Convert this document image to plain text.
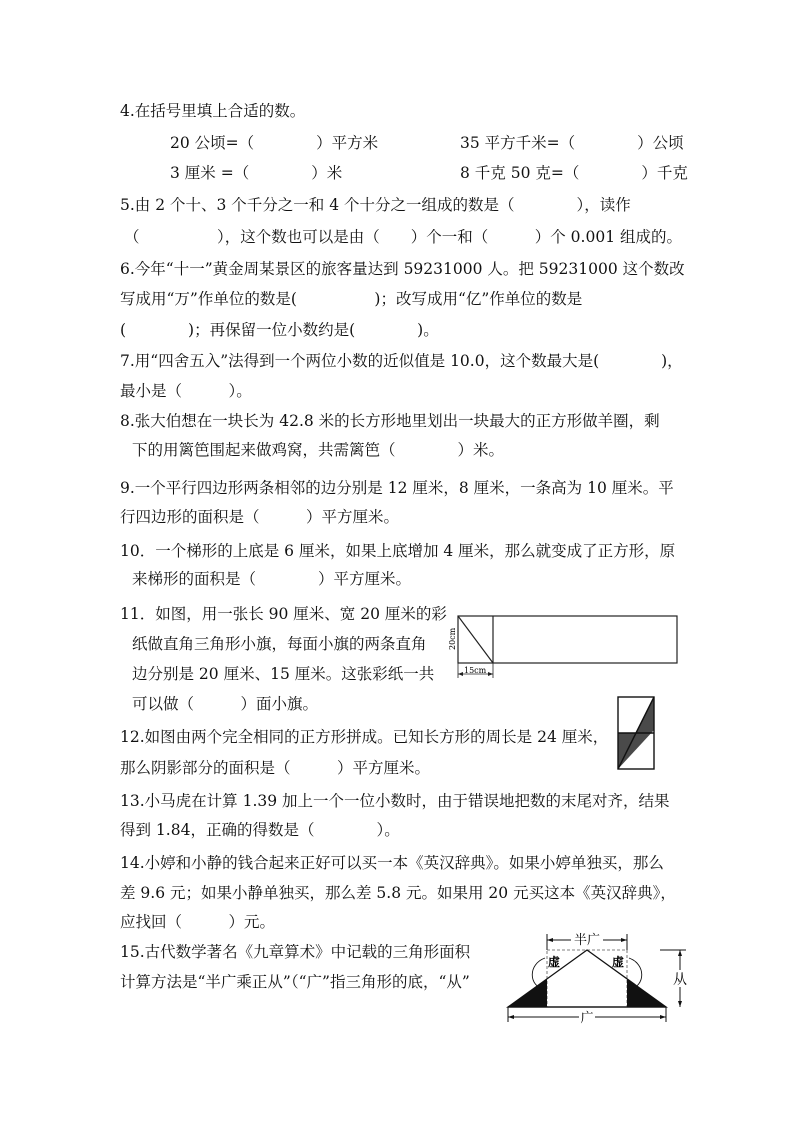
4.在括号里填上合适的数。
20 公顷=（　　　　）平方米	35 平方千米=（　　　　）公顷
3 厘米 =（　　　　）米	8 千克 50 克=（　　　　）千克
5.由 2 个十、3 个千分之一和 4 个十分之一组成的数是（　　　　），读作
（　　　　　），这个数也可以是由（　　）个一和（　　　）个 0.001 组成的。
6.今年“十一”黄金周某景区的旅客量达到 59231000 人。把 59231000 这个数改
写成用“万”作单位的数是(　　　　　)；改写成用“亿”作单位的数是
(　　　　)；再保留一位小数约是(　　　　)。
7.用“四舍五入”法得到一个两位小数的近似值是 10.0，这个数最大是(　　　　)，
最小是（　　　）。
8.张大伯想在一块长为 42.8 米的长方形地里划出一块最大的正方形做羊圈，剩
下的用篱笆围起来做鸡窝，共需篱笆（　　　　）米。
9.一个平行四边形两条相邻的边分别是 12 厘米，8 厘米，一条高为 10 厘米。平
行四边形的面积是（　　　）平方厘米。
10．一个梯形的上底是 6 厘米，如果上底增加 4 厘米，那么就变成了正方形，原
来梯形的面积是（　　　　）平方厘米。
11．如图，用一张长 90 厘米、宽 20 厘米的彩
纸做直角三角形小旗，每面小旗的两条直角
边分别是 20 厘米、15 厘米。这张彩纸一共
可以做（　　　）面小旗。
15cm
20cm
12.如图由两个完全相同的正方形拼成。已知长方形的周长是 24 厘米，
那么阴影部分的面积是（　　　）平方厘米。
13.小马虎在计算 1.39 加上一个一位小数时，由于错误地把数的末尾对齐，结果
得到 1.84，正确的得数是（　　　　）。
14.小婷和小静的钱合起来正好可以买一本《英汉辞典》。如果小婷单独买，那么
差 9.6 元；如果小静单独买，那么差 5.8 元。如果用 20 元买这本《英汉辞典》，
应找回（　　　）元。
15.古代数学著名《九章算术》中记载的三角形面积
计算方法是“半广乘正从”（“广”指三角形的底，“从”
半广
虚	虚
从
广
